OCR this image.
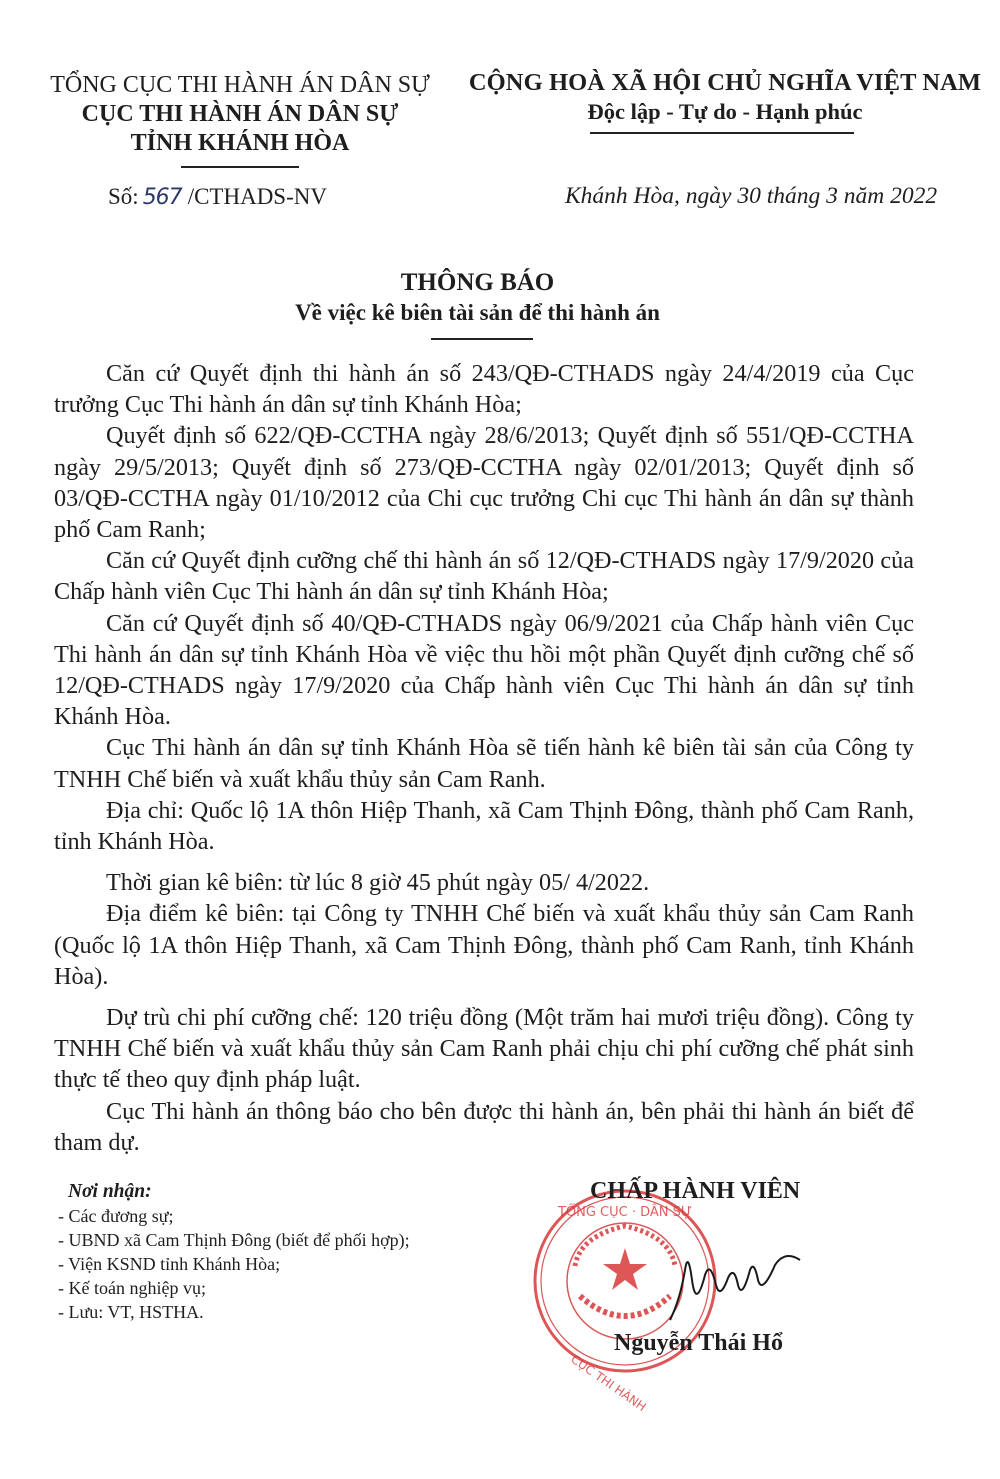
TỔNG CỤC THI HÀNH ÁN DÂN SỰ
CỤC THI HÀNH ÁN DÂN SỰ
TỈNH KHÁNH HÒA
CỘNG HOÀ XÃ HỘI CHỦ NGHĨA VIỆT NAM
Độc lập - Tự do - Hạnh phúc
Số: 567 /CTHADS-NV	Khánh Hòa, ngày 30 tháng 3 năm 2022
THÔNG BÁO
Về việc kê biên tài sản để thi hành án

Căn cứ Quyết định thi hành án số 243/QĐ-CTHADS ngày 24/4/2019 của Cục trưởng Cục Thi hành án dân sự tỉnh Khánh Hòa;

Quyết định số 622/QĐ-CCTHA ngày 28/6/2013; Quyết định số 551/QĐ-CCTHA ngày 29/5/2013; Quyết định số 273/QĐ-CCTHA ngày 02/01/2013; Quyết định số 03/QĐ-CCTHA ngày 01/10/2012 của Chi cục trưởng Chi cục Thi hành án dân sự thành phố Cam Ranh;

Căn cứ Quyết định cưỡng chế thi hành án số 12/QĐ-CTHADS ngày 17/9/2020 của Chấp hành viên Cục Thi hành án dân sự tỉnh Khánh Hòa;

Căn cứ Quyết định số 40/QĐ-CTHADS ngày 06/9/2021 của Chấp hành viên Cục Thi hành án dân sự tỉnh Khánh Hòa về việc thu hồi một phần Quyết định cưỡng chế số 12/QĐ-CTHADS ngày 17/9/2020 của Chấp hành viên Cục Thi hành án dân sự tỉnh Khánh Hòa.

Cục Thi hành án dân sự tỉnh Khánh Hòa sẽ tiến hành kê biên tài sản của Công ty TNHH Chế biến và xuất khẩu thủy sản Cam Ranh.

Địa chỉ: Quốc lộ 1A thôn Hiệp Thanh, xã Cam Thịnh Đông, thành phố Cam Ranh, tỉnh Khánh Hòa.

Thời gian kê biên: từ lúc 8 giờ 45 phút ngày 05/ 4/2022.

Địa điểm kê biên: tại Công ty TNHH Chế biến và xuất khẩu thủy sản Cam Ranh (Quốc lộ 1A thôn Hiệp Thanh, xã Cam Thịnh Đông, thành phố Cam Ranh, tỉnh Khánh Hòa).

Dự trù chi phí cưỡng chế: 120 triệu đồng (Một trăm hai mươi triệu đồng). Công ty TNHH Chế biến và xuất khẩu thủy sản Cam Ranh phải chịu chi phí cưỡng chế phát sinh thực tế theo quy định pháp luật.

Cục Thi hành án thông báo cho bên được thi hành án, bên phải thi hành án biết để tham dự.

Nơi nhận:
- Các đương sự;
- UBND xã Cam Thịnh Đông (biết để phối hợp);
- Viện KSND tỉnh Khánh Hòa;
- Kế toán nghiệp vụ;
- Lưu: VT, HSTHA.
TỔNG CỤC · DÂN SỰ
CỤC THI HÀNH
CHẤP HÀNH VIÊN
Nguyễn Thái Hổ
